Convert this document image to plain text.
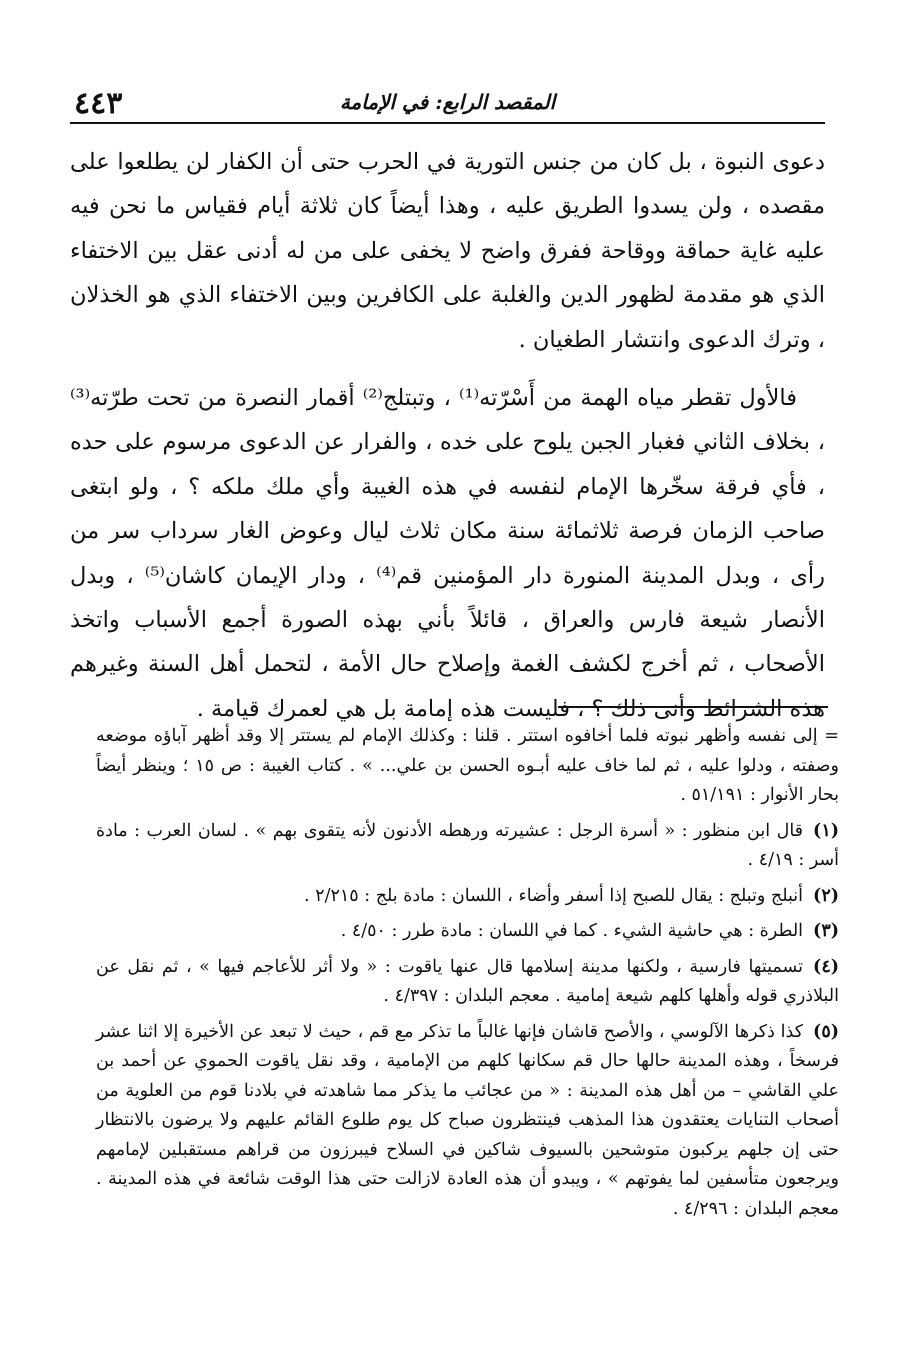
٤٤٣	المقصد الرابع: في الإمامة

دعوى النبوة ، بل كان من جنس التورية في الحرب حتى أن الكفار لن يطلعوا على مقصده ، ولن يسدوا الطريق عليه ، وهذا أيضاً كان ثلاثة أيام فقياس ما نحن فيه عليه غاية حماقة ووقاحة ففرق واضح لا يخفى على من له أدنى عقل بين الاختفاء الذي هو مقدمة لظهور الدين والغلبة على الكافرين وبين الاختفاء الذي هو الخذلان ، وترك الدعوى وانتشار الطغيان .

فالأول تقطر مياه الهمة من أَسْرّته⁽¹⁾ ، وتبتلج⁽²⁾ أقمار النصرة من تحت طرّته⁽³⁾ ، بخلاف الثاني فغبار الجبن يلوح على خده ، والفرار عن الدعوى مرسوم على حده ، فأي فرقة سخّرها الإمام لنفسه في هذه الغيبة وأي ملك ملكه ؟ ، ولو ابتغى صاحب الزمان فرصة ثلاثمائة سنة مكان ثلاث ليال وعوض الغار سرداب سر من رأى ، وبدل المدينة المنورة دار المؤمنين قم⁽⁴⁾ ، ودار الإيمان كاشان⁽⁵⁾ ، وبدل الأنصار شيعة فارس والعراق ، قائلاً بأني بهذه الصورة أجمع الأسباب واتخذ الأصحاب ، ثم أخرج لكشف الغمة وإصلاح حال الأمة ، لتحمل أهل السنة وغيرهم هذه الشرائط وأنى ذلك ؟ ، فليست هذه إمامة بل هي لعمرك قيامة .

= إلى نفسه وأظهر نبوته فلما أخافوه استتر . قلنا : وكذلك الإمام لم يستتر إلا وقد أظهر آباؤه موضعه وصفته ، ودلوا عليه ، ثم لما خاف عليه أبـوه الحسن بن علي... » . كتاب الغيبة : ص ١٥ ؛ وينظر أيضاً بحار الأنوار : ٥١/١٩١ .

(١)قال ابن منظور : « أسرة الرجل : عشيرته ورهطه الأدنون لأنه يتقوى بهم » . لسان العرب : مادة أسر : ٤/١٩ .

(٢)أنبلج وتبلج : يقال للصبح إذا أسفر وأضاء ، اللسان : مادة بلج : ٢/٢١٥ .

(٣)الطرة : هي حاشية الشيء . كما في اللسان : مادة طرر : ٤/٥٠ .

(٤)تسميتها فارسية ، ولكنها مدينة إسلامها قال عنها ياقوت : « ولا أثر للأعاجم فيها » ، ثم نقل عن البلاذري قوله وأهلها كلهم شيعة إمامية . معجم البلدان : ٤/٣٩٧ .

(٥)كذا ذكرها الآلوسي ، والأصح قاشان فإنها غالباً ما تذكر مع قم ، حيث لا تبعد عن الأخيرة إلا اثنا عشر فرسخاً ، وهذه المدينة حالها حال قم سكانها كلهم من الإمامية ، وقد نقل ياقوت الحموي عن أحمد بن علي القاشي – من أهل هذه المدينة : « من عجائب ما يذكر مما شاهدته في بلادنا قوم من العلوية من أصحاب التنايات يعتقدون هذا المذهب فينتظرون صباح كل يوم طلوع القائم عليهم ولا يرضون بالانتظار حتى إن جلهم يركبون متوشحين بالسيوف شاكين في السلاح فيبرزون من قراهم مستقبلين لإمامهم ويرجعون متأسفين لما يفوتهم » ، ويبدو أن هذه العادة لازالت حتى هذا الوقت شائعة في هذه المدينة . معجم البلدان : ٤/٢٩٦ .
